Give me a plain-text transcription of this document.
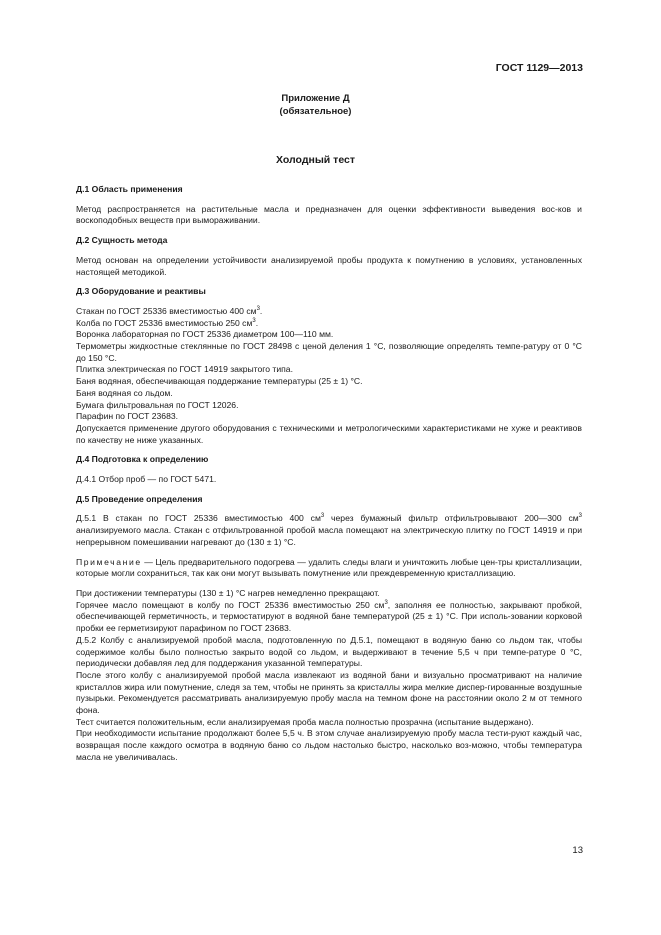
ГОСТ 1129—2013
Приложение Д
(обязательное)
Холодный тест

Д.1 Область применения

Метод распространяется на растительные масла и предназначен для оценки эффективности выведения вос-ков и воскоподобных веществ при вымораживании.

Д.2 Сущность метода

Метод основан на определении устойчивости анализируемой пробы продукта к помутнению в условиях, установленных настоящей методикой.

Д.3 Оборудование и реактивы

Стакан по ГОСТ 25336 вместимостью 400 $см^3$.

Колба по ГОСТ 25336 вместимостью 250 $см^3$.

Воронка лабораторная по ГОСТ 25336 диаметром 100—110 мм.

Термометры жидкостные стеклянные по ГОСТ 28498 с ценой деления 1 °С, позволяющие определять темпе-ратуру от 0 °С до 150 °С.

Плитка электрическая по ГОСТ 14919 закрытого типа.

Баня водяная, обеспечивающая поддержание температуры (25 ± 1) °С.

Баня водяная со льдом.

Бумага фильтровальная по ГОСТ 12026.

Парафин по ГОСТ 23683.

Допускается применение другого оборудования с техническими и метрологическими характеристиками не хуже и реактивов по качеству не ниже указанных.

Д.4 Подготовка к определению

Д.4.1 Отбор проб — по ГОСТ 5471.

Д.5 Проведение определения

Д.5.1 В стакан по ГОСТ 25336 вместимостью 400 $см^3$ через бумажный фильтр отфильтровывают 200—300 $см^3$ анализируемого масла. Стакан с отфильтрованной пробой масла помещают на электрическую плитку по ГОСТ 14919 и при непрерывном помешивании нагревают до (130 ± 1) °С.

Примечание — Цель предварительного подогрева — удалить следы влаги и уничтожить любые цен-тры кристаллизации, которые могли сохраниться, так как они могут вызывать помутнение или преждевременную кристаллизацию.

При достижении температуры (130 ± 1) °С нагрев немедленно прекращают.

Горячее масло помещают в колбу по ГОСТ 25336 вместимостью 250 $см^3$, заполняя ее полностью, закрывают пробкой, обеспечивающей герметичность, и термостатируют в водяной бане температурой (25 ± 1) °С. При исполь-зовании корковой пробки ее герметизируют парафином по ГОСТ 23683.

Д.5.2 Колбу с анализируемой пробой масла, подготовленную по Д.5.1, помещают в водяную баню со льдом так, чтобы содержимое колбы было полностью закрыто водой со льдом, и выдерживают в течение 5,5 ч при темпе-ратуре 0 °С, периодически добавляя лед для поддержания указанной температуры.

После этого колбу с анализируемой пробой масла извлекают из водяной бани и визуально просматривают на наличие кристаллов жира или помутнение, следя за тем, чтобы не принять за кристаллы жира мелкие диспер-гированные воздушные пузырьки. Рекомендуется рассматривать анализируемую пробу масла на темном фоне на расстоянии около 2 м от темного фона.

Тест считается положительным, если анализируемая проба масла полностью прозрачна (испытание выдержано).

При необходимости испытание продолжают более 5,5 ч. В этом случае анализируемую пробу масла тести-руют каждый час, возвращая после каждого осмотра в водяную баню со льдом настолько быстро, насколько воз-можно, чтобы температура масла не увеличивалась.

13
